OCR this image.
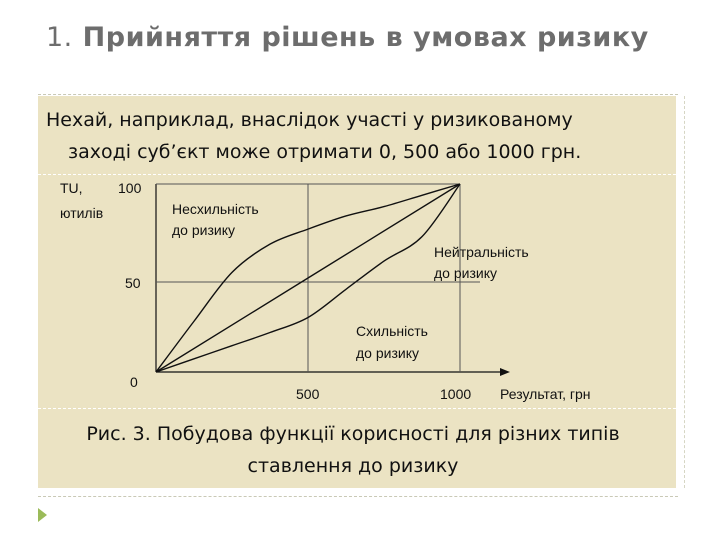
1. Прийняття рішень в умовах ризику
Нехай, наприклад, внаслідок участі у ризикованому
заході суб’єкт може отримати 0, 500 або 1000 грн.
0
50
100
500	1000
TU,
ютилів
Результат, грн
Несхильність
до ризику
Нейтральність
до ризику
Схильність
до ризику
Рис. 3. Побудова функції корисності для різних типів
ставлення до ризику
